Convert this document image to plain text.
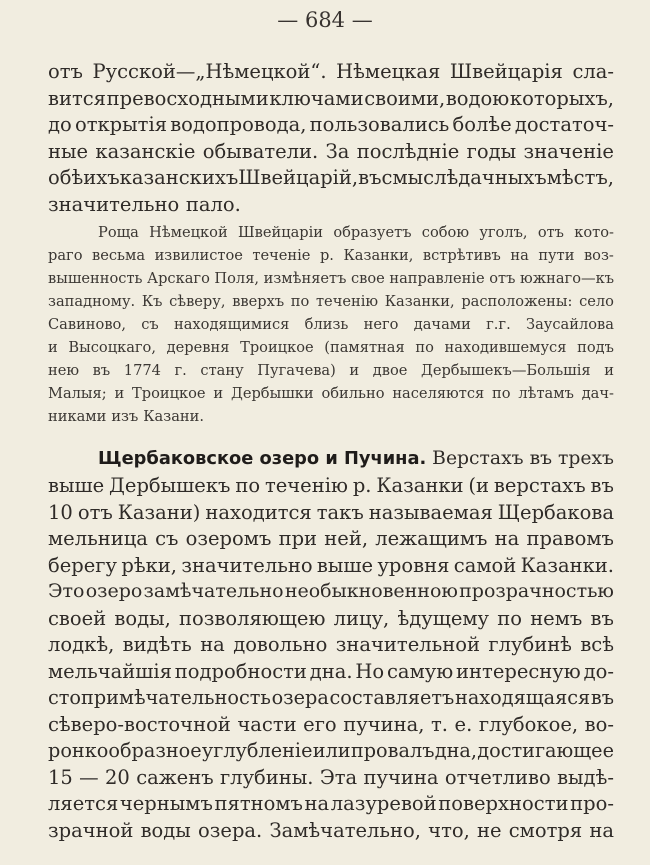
— 684 —
отъ Русской—„Нѣмецкой“. Нѣмецкая Швейцарія сла-
вится превосходными ключами своими, водою которыхъ,
до открытія водопровода, пользовались болѣе достаточ-
ные казанскіе обыватели. За послѣдніе годы значеніе
обѣихъ казанскихъ Швейцарій, въ смыслѣ дачныхъ мѣстъ,
значительно пало.
Роща Нѣмецкой Швейцаріи образуетъ собою уголъ, отъ кото-
раго весьма извилистое теченіе р. Казанки, встрѣтивъ на пути воз-
вышенность Арскаго Поля, измѣняетъ свое направленіе отъ южнаго—къ
западному. Къ сѣверу, вверхъ по теченію Казанки, расположены: село
Савиново, съ находящимися близь него дачами г.г. Заусайлова
и Высоцкаго, деревня Троицкое (памятная по находившемуся подъ
нею въ 1774 г. стану Пугачева) и двое Дербышекъ—Большія и
Малыя; и Троицкое и Дербышки обильно населяются по лѣтамъ дач-
никами изъ Казани.
Щербаковское озеро и Пучина. Верстахъ въ трехъ
выше Дербышекъ по теченію р. Казанки (и верстахъ въ
10 отъ Казани) находится такъ называемая Щербакова
мельница съ озеромъ при ней, лежащимъ на правомъ
берегу рѣки, значительно выше уровня самой Казанки.
Это озеро замѣчательно необыкновенною прозрачностью
своей воды, позволяющею лицу, ѣдущему по немъ въ
лодкѣ, видѣть на довольно значительной глубинѣ всѣ
мельчайшія подробности дна. Но самую интересную до-
стопримѣчательность озера составляетъ находящаяся въ
сѣверо-восточной части его пучина, т. е. глубокое, во-
ронкообразное углубленіе или провалъ дна, достигающее
15 — 20 саженъ глубины. Эта пучина отчетливо выдѣ-
ляется чернымъ пятномъ на лазуревой поверхности про-
зрачной воды озера. Замѣчательно, что, не смотря на
